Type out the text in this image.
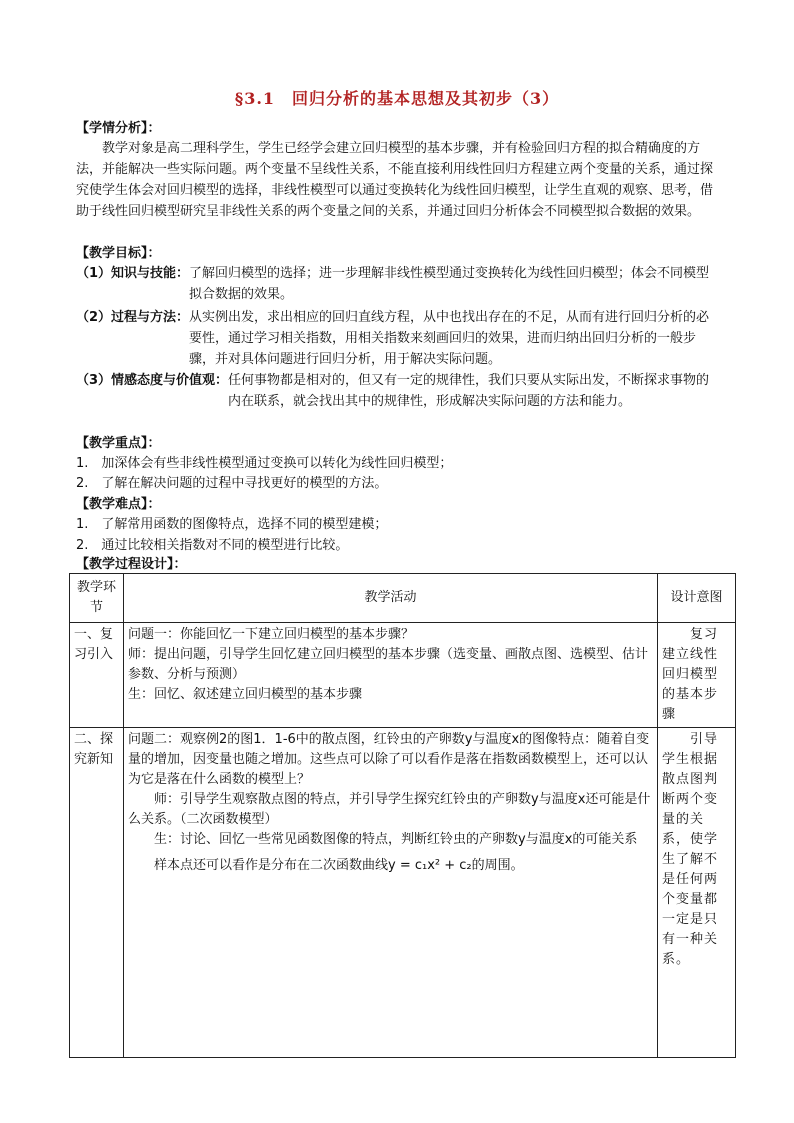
§3.1　回归分析的基本思想及其初步（3）
【学情分析】：
教学对象是高二理科学生，学生已经学会建立回归模型的基本步骤，并有检验回归方程的拟合精确度的方法，并能解决一些实际问题。两个变量不呈线性关系，不能直接利用线性回归方程建立两个变量的关系，通过探究使学生体会对回归模型的选择，非线性模型可以通过变换转化为线性回归模型，让学生直观的观察、思考，借助于线性回归模型研究呈非线性关系的两个变量之间的关系，并通过回归分析体会不同模型拟合数据的效果。
【教学目标】：
（1）知识与技能： 了解回归模型的选择；进一步理解非线性模型通过变换转化为线性回归模型；体会不同模型拟合数据的效果。
（2）过程与方法： 从实例出发，求出相应的回归直线方程，从中也找出存在的不足，从而有进行回归分析的必要性，通过学习相关指数，用相关指数来刻画回归的效果，进而归纳出回归分析的一般步骤，并对具体问题进行回归分析，用于解决实际问题。
（3）情感态度与价值观： 任何事物都是相对的，但又有一定的规律性，我们只要从实际出发，不断探求事物的内在联系，就会找出其中的规律性，形成解决实际问题的方法和能力。
【教学重点】：
1.　加深体会有些非线性模型通过变换可以转化为线性回归模型；
2.　了解在解决问题的过程中寻找更好的模型的方法。
【教学难点】：
1.　了解常用函数的图像特点，选择不同的模型建模；
2.　通过比较相关指数对不同的模型进行比较。
【教学过程设计】：
教学环节	教学活动	设计意图
一、复习引入	问题一：你能回忆一下建立回归模型的基本步骤？

师：提出问题，引导学生回忆建立回归模型的基本步骤（选变量、画散点图、选模型、估计参数、分析与预测）

生：回忆、叙述建立回归模型的基本步骤	复习建立线性回归模型的基本步骤
二、探究新知	问题二：观察例2的图1．1-6中的散点图，红铃虫的产卵数y与温度x的图像特点：随着自变量的增加，因变量也随之增加。这些点可以除了可以看作是落在指数函数模型上，还可以认为它是落在什么函数的模型上？

师：引导学生观察散点图的特点，并引导学生探究红铃虫的产卵数y与温度x还可能是什么关系。（二次函数模型）

生：讨论、回忆一些常见函数图像的特点，判断红铃虫的产卵数y与温度x的可能关系

样本点还可以看作是分布在二次函数曲线y = c₁x² + c₂的周围。	引导学生根据散点图判断两个变量的关系，使学生了解不是任何两个变量都一定是只有一种关系。
